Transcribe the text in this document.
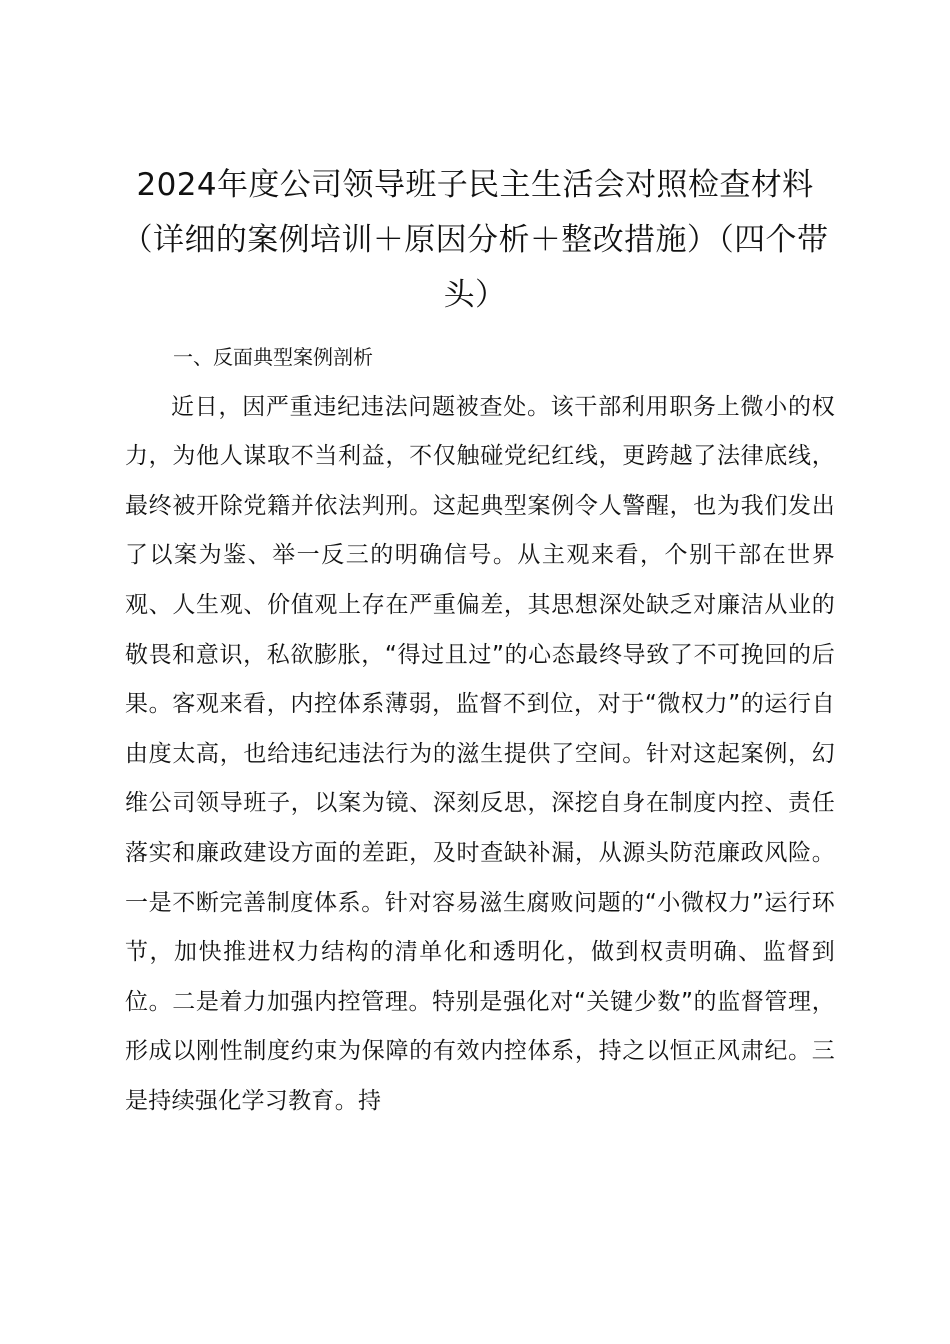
2024年度公司领导班子民主生活会对照检查材料（详细的案例培训＋原因分析＋整改措施）（四个带头）
一、反面典型案例剖析

近日，因严重违纪违法问题被查处。该干部利用职务上微小的权力，为他人谋取不当利益，不仅触碰党纪红线，更跨越了法律底线，最终被开除党籍并依法判刑。这起典型案例令人警醒，也为我们发出了以案为鉴、举一反三的明确信号。从主观来看，个别干部在世界观、人生观、价值观上存在严重偏差，其思想深处缺乏对廉洁从业的敬畏和意识，私欲膨胀，“得过且过”的心态最终导致了不可挽回的后果。客观来看，内控体系薄弱，监督不到位，对于“微权力”的运行自由度太高，也给违纪违法行为的滋生提供了空间。针对这起案例，幻维公司领导班子，以案为镜、深刻反思，深挖自身在制度内控、责任落实和廉政建设方面的差距，及时查缺补漏，从源头防范廉政风险。一是不断完善制度体系。针对容易滋生腐败问题的“小微权力”运行环节，加快推进权力结构的清单化和透明化，做到权责明确、监督到位。二是着力加强内控管理。特别是强化对“关键少数”的监督管理，形成以刚性制度约束为保障的有效内控体系，持之以恒正风肃纪。三是持续强化学习教育。持
